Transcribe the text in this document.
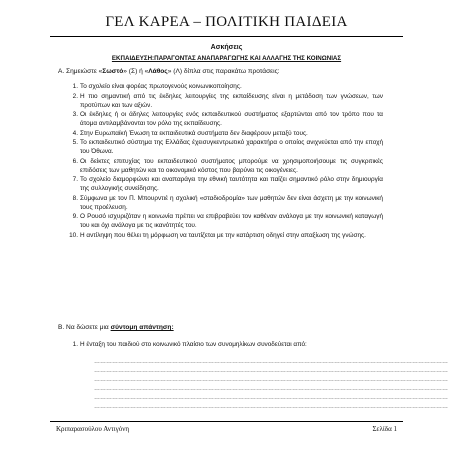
ΓΕΛ ΚΑΡΕΑ – ΠΟΛΙΤΙΚΗ ΠΑΙΔΕΙΑ
Ασκήσεις
ΕΚΠΑΙΔΕΥΣΗ:ΠΑΡΑΓΟΝΤΑΣ ΑΝΑΠΑΡΑΓΩΓΗΣ ΚΑΙ ΑΛΛΑΓΗΣ ΤΗΣ ΚΟΙΝΩΝΙΑΣ
Α. Σημειώστε «Σωστό» (Σ) ή «Λάθος» (Λ) δίπλα στις παρακάτω προτάσεις:
1. Το σχολείο είναι φορέας πρωτογενούς κοινωνικοποίησης.
2. Η πιο σημαντική από τις έκδηλες λειτουργίες της εκπαίδευσης είναι η μετάδοση των γνώσεων, των προτύπων και των αξιών.
3. Οι έκδηλες ή οι άδηλες λειτουργίες ενός εκπαιδευτικού συστήματος εξαρτώνται από τον τρόπο που τα άτομα αντιλαμβάνονται τον ρόλο της εκπαίδευσης.
4. Στην Ευρωπαϊκή Ένωση τα εκπαιδευτικά συστήματα δεν διαφέρουν μεταξύ τους.
5. Το εκπαιδευτικό σύστημα της Ελλάδας έχεισυγκεντρωτικό χαρακτήρα ο οποίος ανιχνεύεται από την εποχή του Όθωνα.
6. Οι δείκτες επιτυχίας του εκπαιδευτικού συστήματος μπορούμε να χρησιμοποιήσουμε τις συγκριτικές επιδόσεις των μαθητών και το οικονομικό κόστος που βαρύνει τις οικογένειες.
7. Το σχολείο διαμορφώνει και αναπαράγει την εθνική ταυτότητα και παίζει σημαντικό ρόλο στην δημιουργία της συλλογικής συνείδησης.
8. Σύμφωνα με τον Π. Μπουρντιέ η σχολική «σταδιοδρομία» των μαθητών δεν είναι άσχετη με την κοινωνική τους προέλευση.
9. Ο Ρουσό ισχυριζόταν η κοινωνία πρέπει να επιβραβεύει τον καθέναν ανάλογα με την κοινωνική καταγωγή του και όχι ανάλογα με τις ικανότητές του.
10. Η αντίληψη που θέλει τη μόρφωση να ταυτίζεται με την κατάρτιση οδηγεί στην απαξίωση της γνώσης.
Β. Να δώσετε μια σύντομη απάντηση:
1. Η ένταξη του παιδιού στο κοινωνικό πλαίσιο των συνομηλίκων συνοδεύεται από:
……………………………………………………………………………………………………………………………………………………………
……………………………………………………………………………………………………………………………………………………………
……………………………………………………………………………………………………………………………………………………………
……………………………………………………………………………………………………………………………………………………………
……………………………………………………………………………………………………………………………………………………………
……………………………………………………………………………………………………………………………………………………………
Κριπαρασούλου Αντιγόνη	Σελίδα 1
